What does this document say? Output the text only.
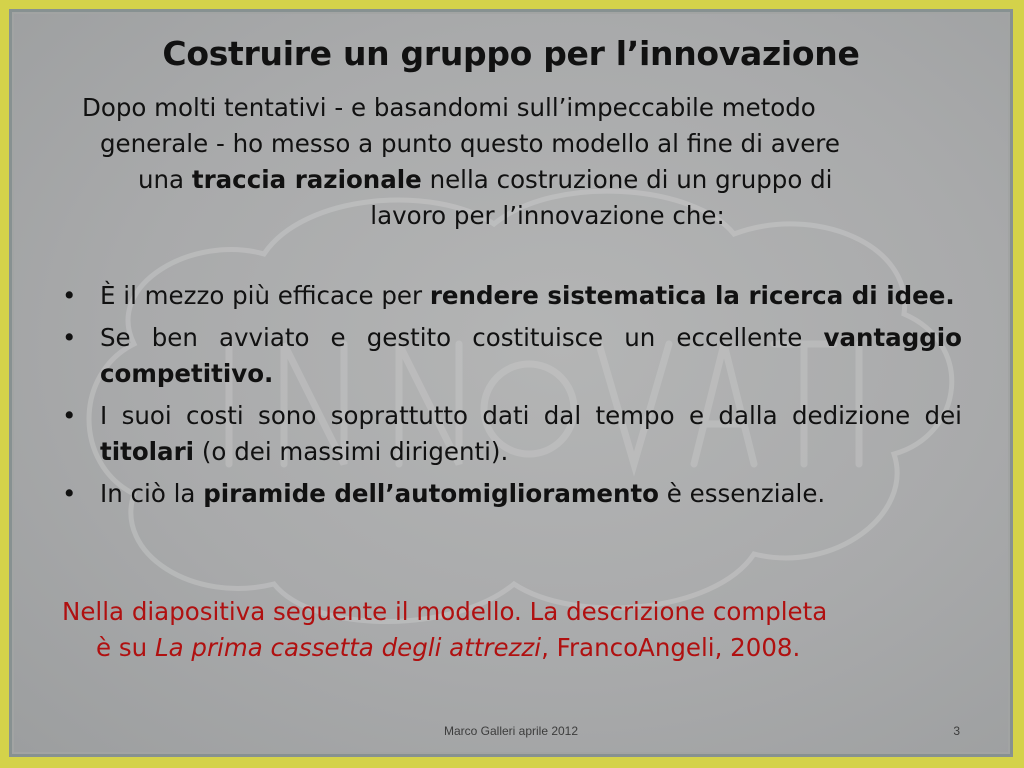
Costruire un gruppo per l’innovazione
Dopo molti tentativi - e basandomi sull’impeccabile metodo
generale - ho messo a punto questo modello al fine di avere
una traccia razionale nella costruzione di un gruppo di
lavoro per l’innovazione che:
• È il mezzo più efficace per rendere sistematica la ricerca di idee.
• Se ben avviato e gestito costituisce un eccellente vantaggio competitivo.
• I suoi costi sono soprattutto dati dal tempo e dalla dedizione dei titolari (o dei massimi dirigenti).
• In ciò la piramide dell’automiglioramento è essenziale.
Nella diapositiva seguente il modello. La descrizione completa
è su La prima cassetta degli attrezzi, FrancoAngeli, 2008.
Marco Galleri aprile 2012	3
